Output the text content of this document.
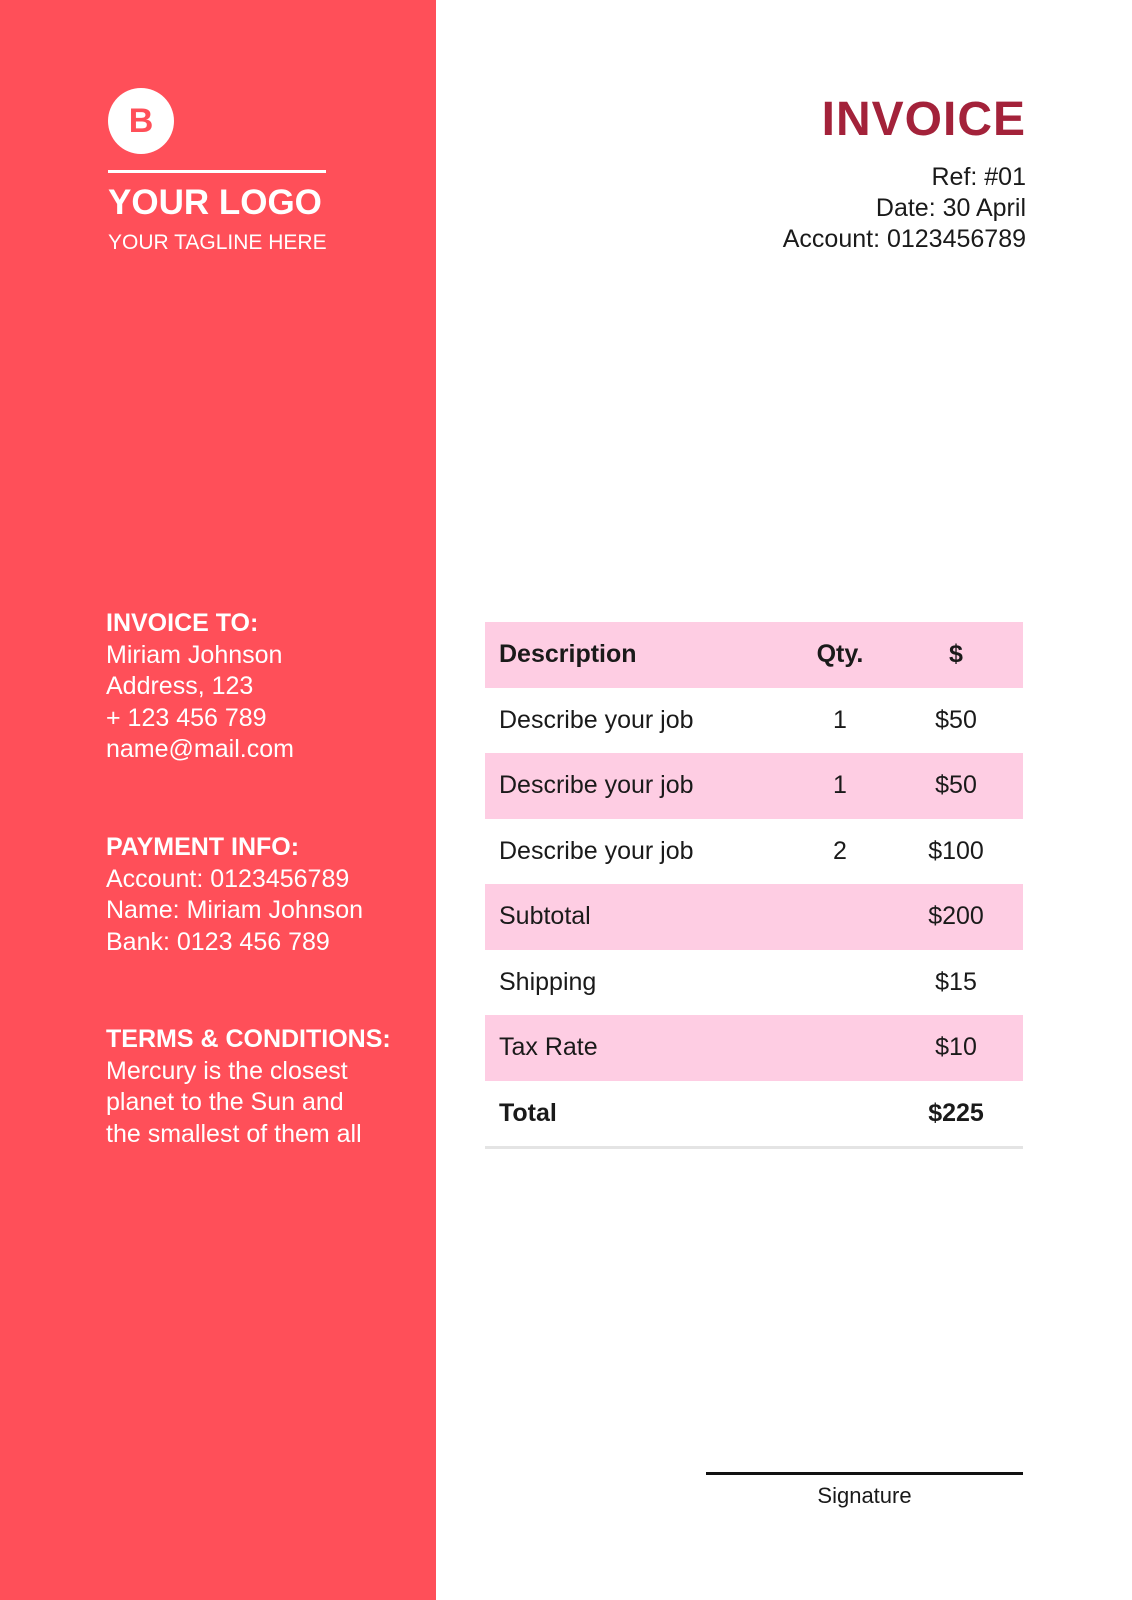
B
YOUR LOGO
YOUR TAGLINE HERE
INVOICE TO:
Miriam Johnson
Address, 123
+ 123 456 789
name@mail.com
PAYMENT INFO:
Account: 0123456789
Name: Miriam Johnson
Bank: 0123 456 789
TERMS & CONDITIONS:
Mercury is the closest
planet to the Sun and
the smallest of them all
INVOICE
Ref: #01
Date: 30 April
Account: 0123456789
Description	Qty.	$
Describe your job	1	$50
Describe your job	1	$50
Describe your job	2	$100
Subtotal	$200
Shipping	$15
Tax Rate	$10
Total	$225
Signature
